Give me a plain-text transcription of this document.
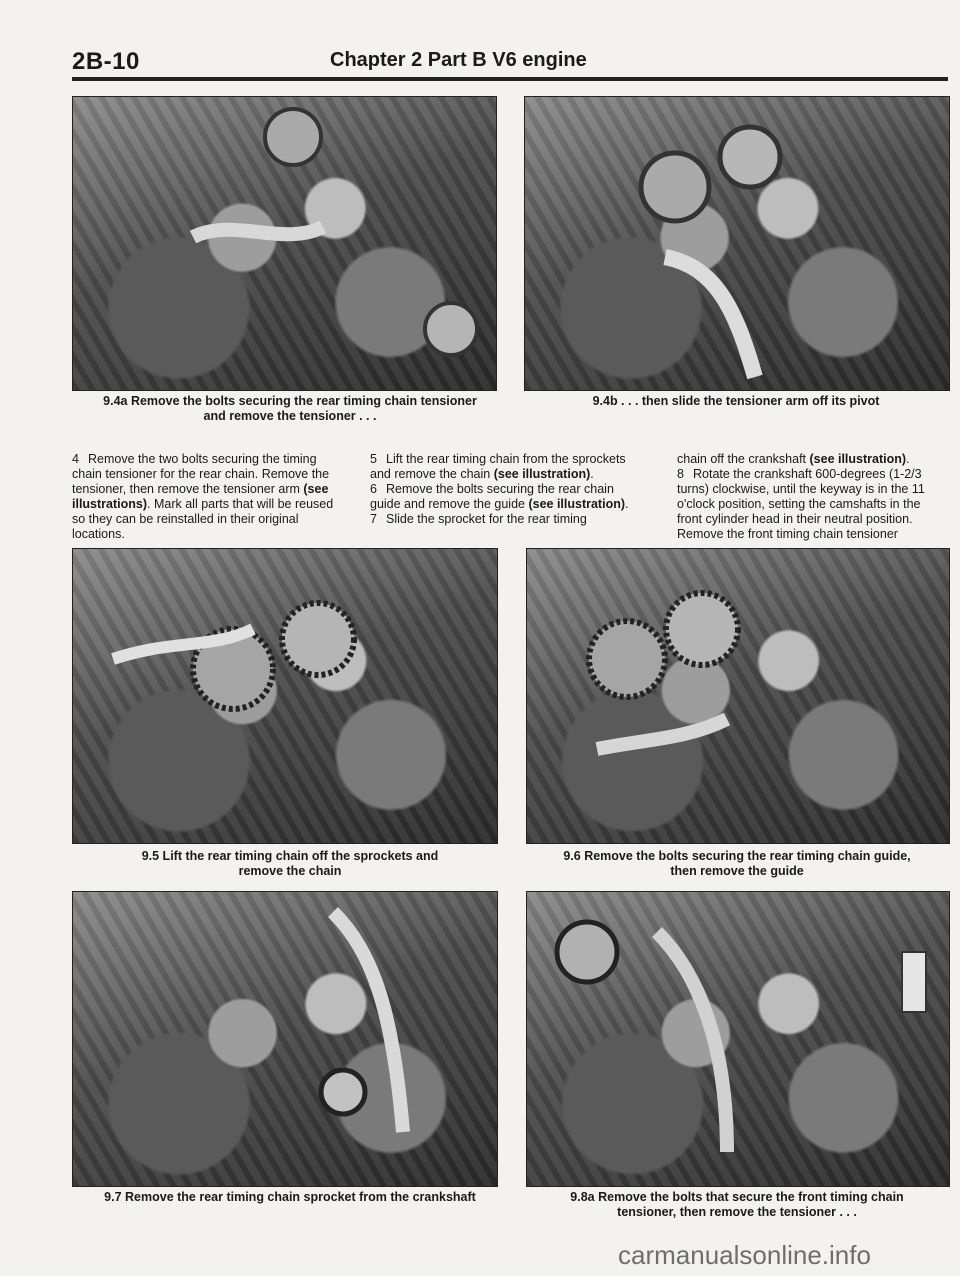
2B-10	Chapter 2 Part B V6 engine
9.4a Remove the bolts securing the rear timing chain tensioner
and remove the tensioner . . .
9.4b . . . then slide the tensioner arm off its pivot

4 Remove the two bolts securing the timing chain tensioner for the rear chain. Remove the tensioner, then remove the tensioner arm (see illustrations). Mark all parts that will be reused so they can be reinstalled in their original locations.

5 Lift the rear timing chain from the sprockets and remove the chain (see illustration).

6 Remove the bolts securing the rear chain guide and remove the guide (see illustration).

7 Slide the sprocket for the rear timing

chain off the crankshaft (see illustration).

8 Rotate the crankshaft 600-degrees (1-2/3 turns) clockwise, until the keyway is in the 11 o'clock position, setting the camshafts in the front cylinder head in their neutral position. Remove the front timing chain tensioner

9.5 Lift the rear timing chain off the sprockets and
remove the chain
9.6 Remove the bolts securing the rear timing chain guide,
then remove the guide
9.7 Remove the rear timing chain sprocket from the crankshaft	9.8a Remove the bolts that secure the front timing chain
tensioner, then remove the tensioner . . .
carmanualsonline.info
